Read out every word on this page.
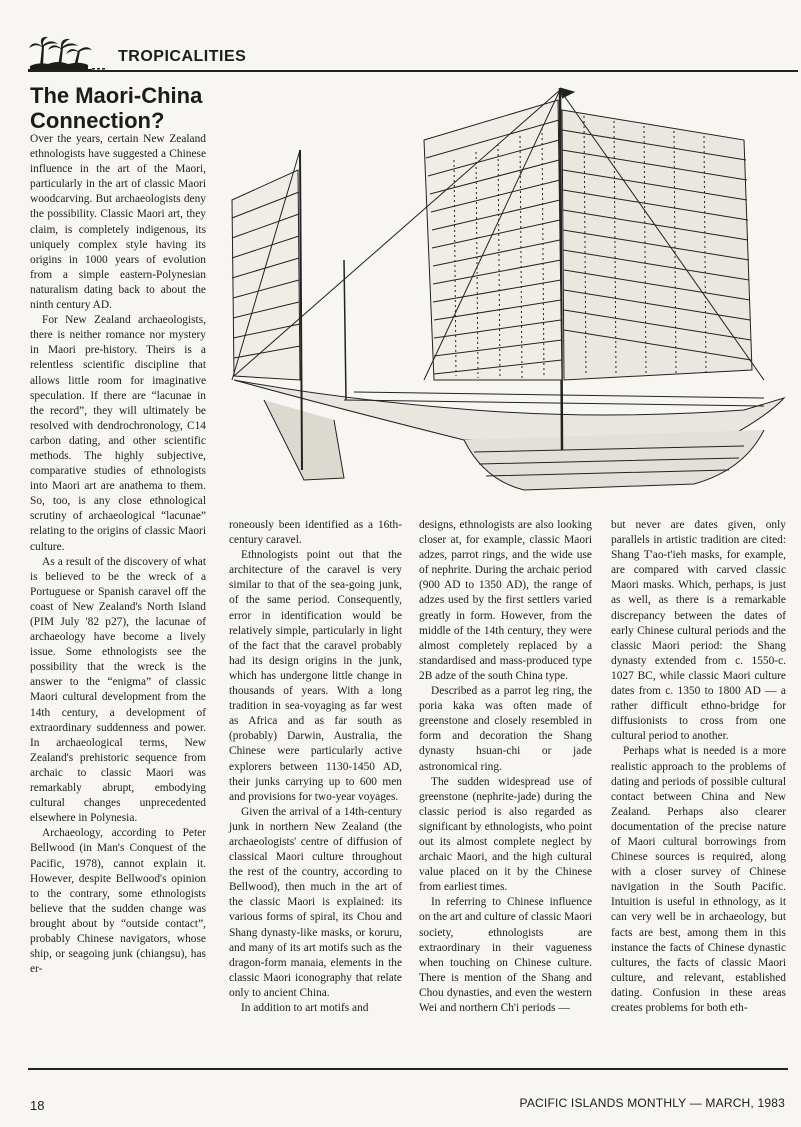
TROPICALITIES
The Maori-China Connection?

Over the years, certain New Zealand ethnologists have suggested a Chinese influence in the art of the Maori, particularly in the art of classic Maori woodcarving. But archaeologists deny the possibility. Classic Maori art, they claim, is completely indigenous, its uniquely complex style having its origins in 1000 years of evolution from a simple eastern-Polynesian naturalism dating back to about the ninth century AD.

For New Zealand archaeologists, there is neither romance nor mystery in Maori pre-history. Theirs is a relentless scientific discipline that allows little room for imaginative speculation. If there are “lacunae in the record”, they will ultimately be resolved with dendrochronology, C14 carbon dating, and other scientific methods. The highly subjective, comparative studies of ethnologists into Maori art are anathema to them. So, too, is any close ethnological scrutiny of archaeological “lacunae” relating to the origins of classic Maori culture.

As a result of the discovery of what is believed to be the wreck of a Portuguese or Spanish caravel off the coast of New Zealand's North Island (PIM July '82 p27), the lacunae of archaeology have become a lively issue. Some ethnologists see the possibility that the wreck is the answer to the “enigma” of classic Maori cultural development from the 14th century, a development of extraordinary suddenness and power. In archaeological terms, New Zealand's prehistoric sequence from archaic to classic Maori was remarkably abrupt, embodying cultural changes unprecedented elsewhere in Polynesia.

Archaeology, according to Peter Bellwood (in Man's Conquest of the Pacific, 1978), cannot explain it. However, despite Bellwood's opinion to the contrary, some ethnologists believe that the sudden change was brought about by “outside contact”, probably Chinese navigators, whose ship, or seagoing junk (chiangsu), has er-

roneously been identified as a 16th-century caravel.

Ethnologists point out that the architecture of the caravel is very similar to that of the sea-going junk, of the same period. Consequently, error in identification would be relatively simple, particularly in light of the fact that the caravel probably had its design origins in the junk, which has undergone little change in thousands of years. With a long tradition in sea-voyaging as far west as Africa and as far south as (probably) Darwin, Australia, the Chinese were particularly active explorers between 1130-1450 AD, their junks carrying up to 600 men and provisions for two-year voyages.

Given the arrival of a 14th-century junk in northern New Zealand (the archaeologists' centre of diffusion of classical Maori culture throughout the rest of the country, according to Bellwood), then much in the art of the classic Maori is explained: its various forms of spiral, its Chou and Shang dynasty-like masks, or koruru, and many of its art motifs such as the dragon-form manaia, elements in the classic Maori iconography that relate only to ancient China.

In addition to art motifs and

designs, ethnologists are also looking closer at, for example, classic Maori adzes, parrot rings, and the wide use of nephrite. During the archaic period (900 AD to 1350 AD), the range of adzes used by the first settlers varied greatly in form. However, from the middle of the 14th century, they were almost completely replaced by a standardised and mass-produced type 2B adze of the south China type.

Described as a parrot leg ring, the poria kaka was often made of greenstone and closely resembled in form and decoration the Shang dynasty hsuan-chi or jade astronomical ring.

The sudden widespread use of greenstone (nephrite-jade) during the classic period is also regarded as significant by ethnologists, who point out its almost complete neglect by archaic Maori, and the high cultural value placed on it by the Chinese from earliest times.

In referring to Chinese influence on the art and culture of classic Maori society, ethnologists are extraordinary in their vagueness when touching on Chinese culture. There is mention of the Shang and Chou dynasties, and even the western Wei and northern Ch'i periods —

but never are dates given, only parallels in artistic tradition are cited: Shang T'ao-t'ieh masks, for example, are compared with carved classic Maori masks. Which, perhaps, is just as well, as there is a remarkable discrepancy between the dates of early Chinese cultural periods and the classic Maori period: the Shang dynasty extended from c. 1550-c. 1027 BC, while classic Maori culture dates from c. 1350 to 1800 AD — a rather difficult ethno-bridge for diffusionists to cross from one cultural period to another.

Perhaps what is needed is a more realistic approach to the problems of dating and periods of possible cultural contact between China and New Zealand. Perhaps also clearer documentation of the precise nature of Maori cultural borrowings from Chinese sources is required, along with a closer survey of Chinese navigation in the South Pacific. Intuition is useful in ethnology, as it can very well be in archaeology, but facts are best, among them in this instance the facts of Chinese dynastic cultures, the facts of classic Maori culture, and relevant, established dating. Confusion in these areas creates problems for both eth-

18	PACIFIC ISLANDS MONTHLY — MARCH, 1983
